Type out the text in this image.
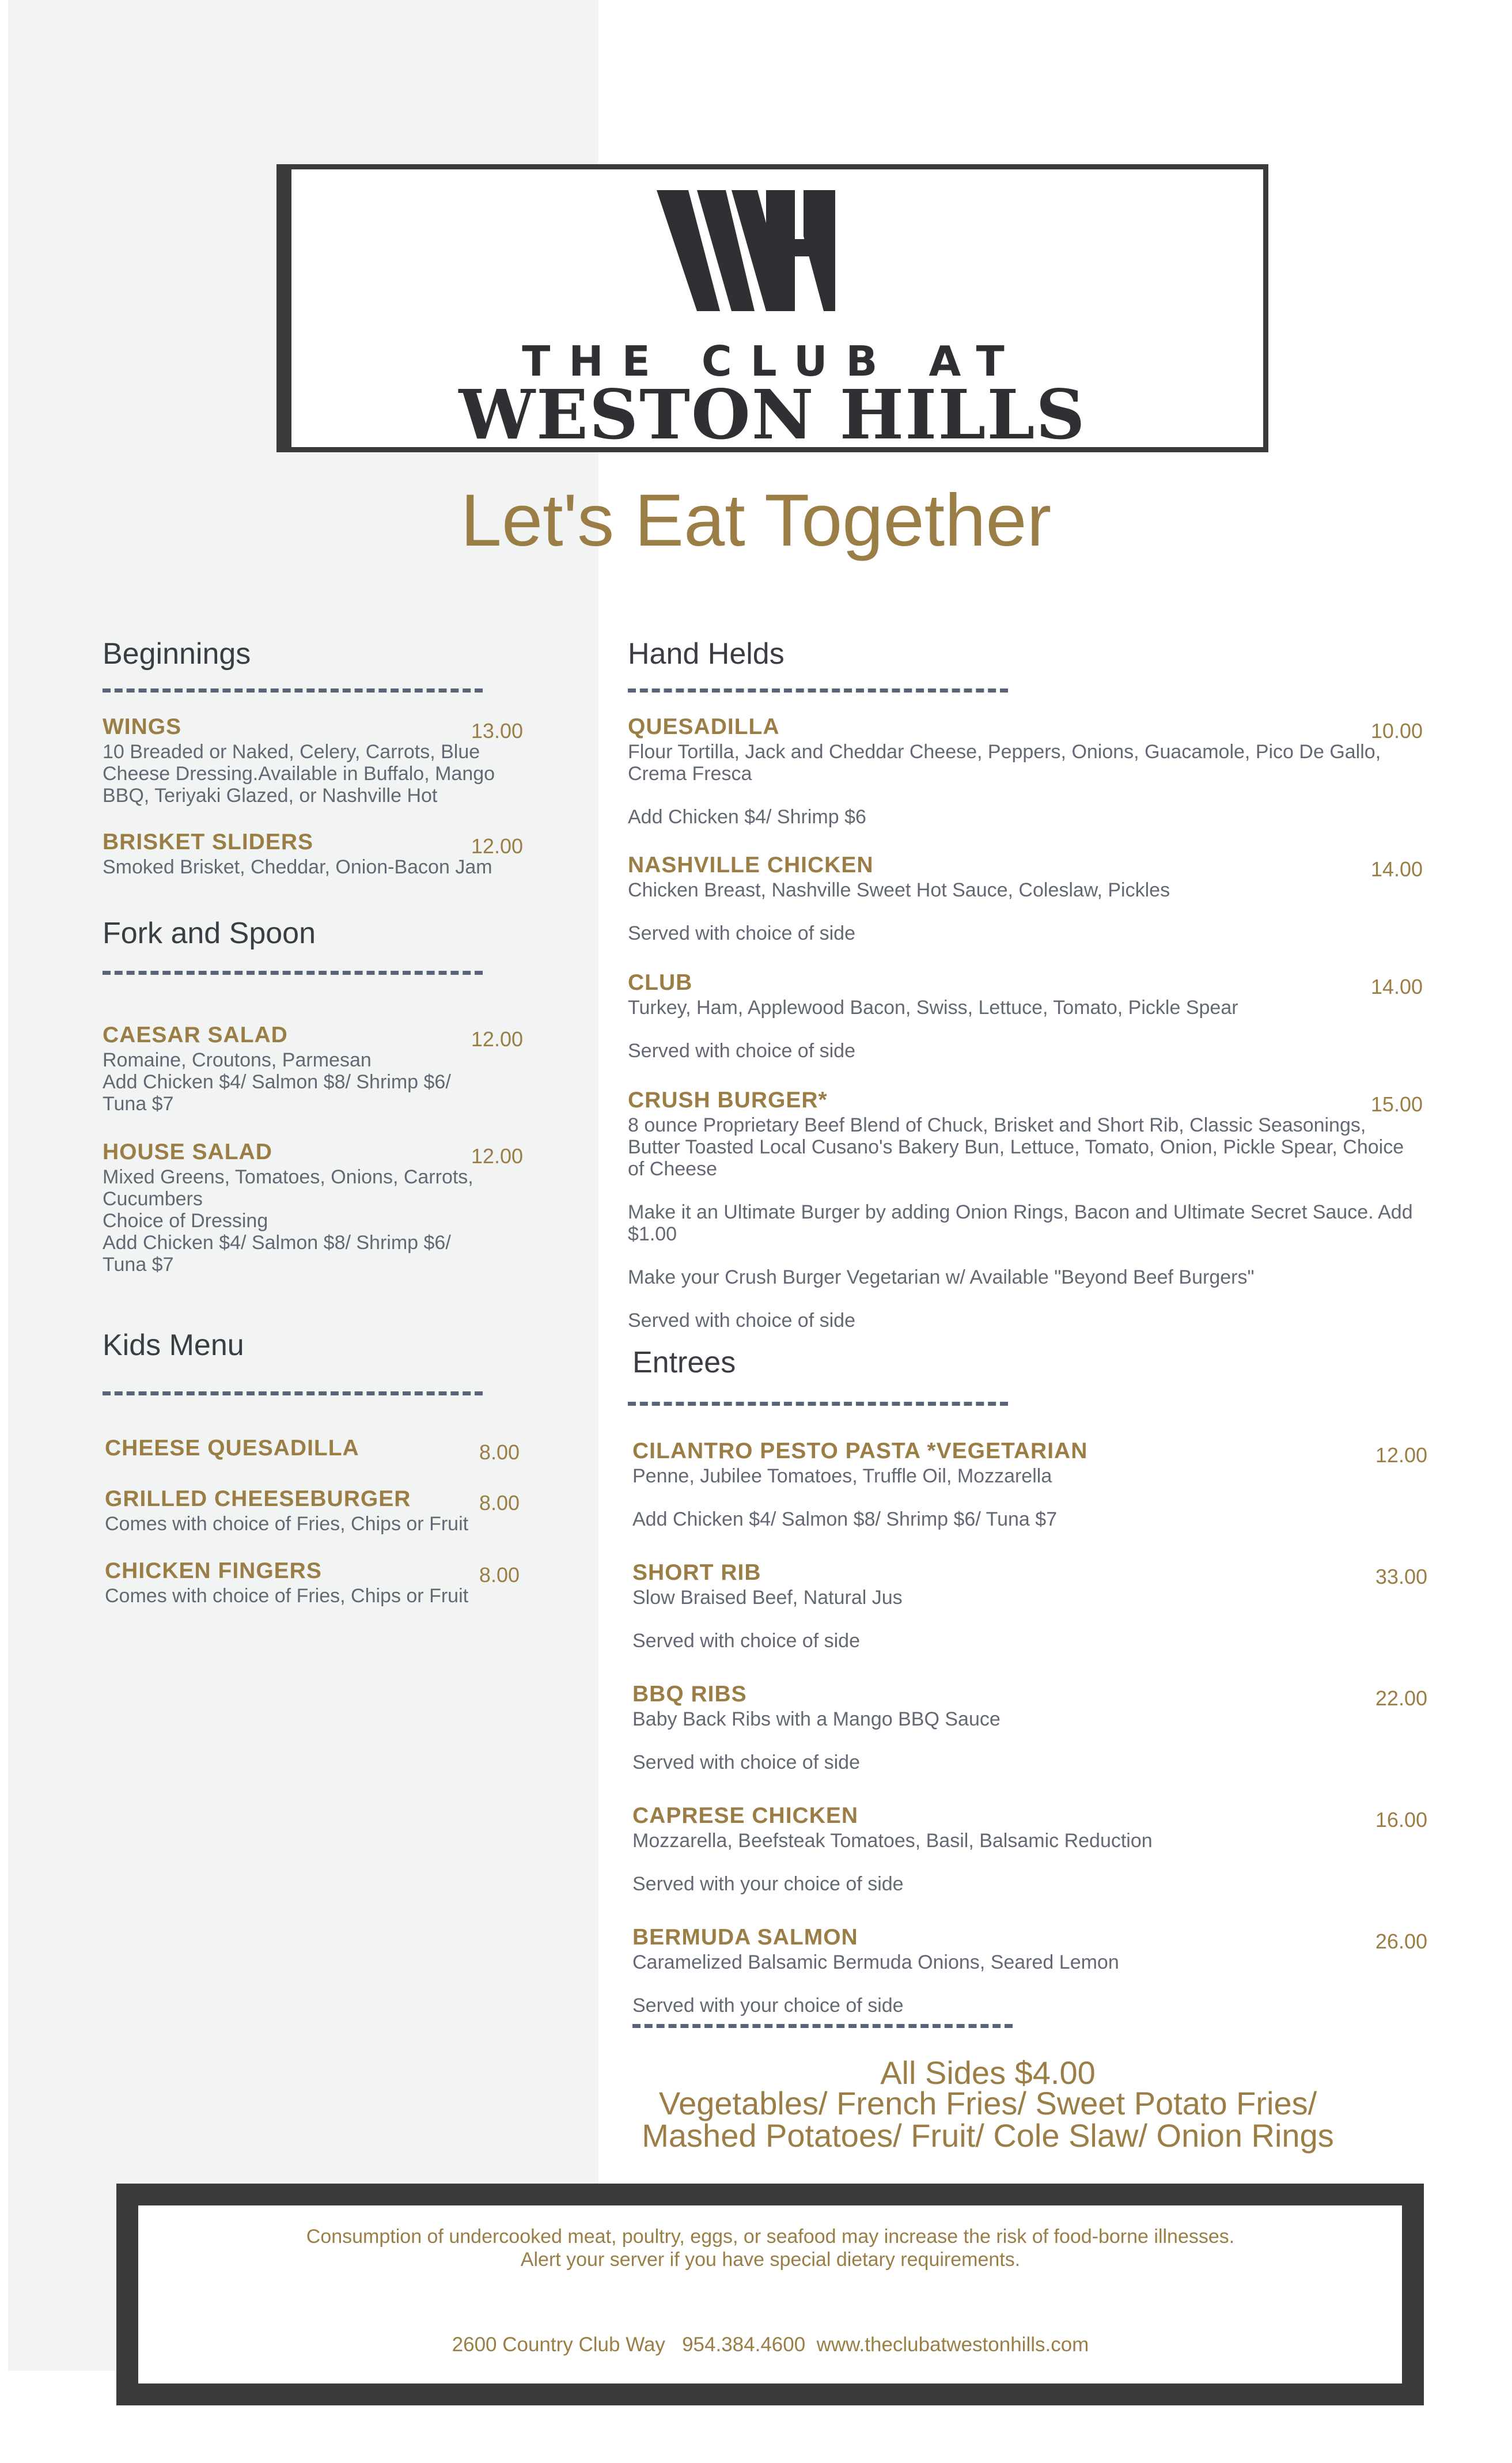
THE CLUB AT
WESTON HILLS
Let's Eat Together
Beginnings
WINGS	13.00
10 Breaded or Naked, Celery, Carrots, Blue Cheese Dressing.Available in Buffalo, Mango BBQ, Teriyaki Glazed, or Nashville Hot
BRISKET SLIDERS	12.00
Smoked Brisket, Cheddar, Onion-Bacon Jam
Fork and Spoon
CAESAR SALAD	12.00
Romaine, Croutons, Parmesan
Add Chicken $4/ Salmon $8/ Shrimp $6/ Tuna $7
HOUSE SALAD	12.00
Mixed Greens, Tomatoes, Onions, Carrots, Cucumbers
Choice of Dressing
Add Chicken $4/ Salmon $8/ Shrimp $6/ Tuna $7
Kids Menu
CHEESE QUESADILLA	8.00
GRILLED CHEESEBURGER	8.00
Comes with choice of Fries, Chips or Fruit
CHICKEN FINGERS	8.00
Comes with choice of Fries, Chips or Fruit
Hand Helds
QUESADILLA	10.00
Flour Tortilla, Jack and Cheddar Cheese, Peppers, Onions, Guacamole, Pico De Gallo, Crema Fresca
Add Chicken $4/ Shrimp $6
NASHVILLE CHICKEN	14.00
Chicken Breast, Nashville Sweet Hot Sauce, Coleslaw, Pickles
Served with choice of side
CLUB	14.00
Turkey, Ham, Applewood Bacon, Swiss, Lettuce, Tomato, Pickle Spear
Served with choice of side
CRUSH BURGER*	15.00
8 ounce Proprietary Beef Blend of Chuck, Brisket and Short Rib, Classic Seasonings, Butter Toasted Local Cusano's Bakery Bun, Lettuce, Tomato, Onion, Pickle Spear, Choice of Cheese
Make it an Ultimate Burger by adding Onion Rings, Bacon and Ultimate Secret Sauce. Add $1.00
Make your Crush Burger Vegetarian w/ Available "Beyond Beef Burgers"
Served with choice of side
Entrees
CILANTRO PESTO PASTA *VEGETARIAN	12.00
Penne, Jubilee Tomatoes, Truffle Oil, Mozzarella
Add Chicken $4/ Salmon $8/ Shrimp $6/ Tuna $7
SHORT RIB	33.00
Slow Braised Beef, Natural Jus
Served with choice of side
BBQ RIBS	22.00
Baby Back Ribs with a Mango BBQ Sauce
Served with choice of side
CAPRESE CHICKEN	16.00
Mozzarella, Beefsteak Tomatoes, Basil, Balsamic Reduction
Served with your choice of side
BERMUDA SALMON	26.00
Caramelized Balsamic Bermuda Onions, Seared Lemon
Served with your choice of side
All Sides $4.00
Vegetables/ French Fries/ Sweet Potato Fries/ Mashed Potatoes/ Fruit/ Cole Slaw/ Onion Rings
Consumption of undercooked meat, poultry, eggs, or seafood may increase the risk of food-borne illnesses.
Alert your server if you have special dietary requirements.
2600 Country Club Way   954.384.4600  www.theclubatwestonhills.com
